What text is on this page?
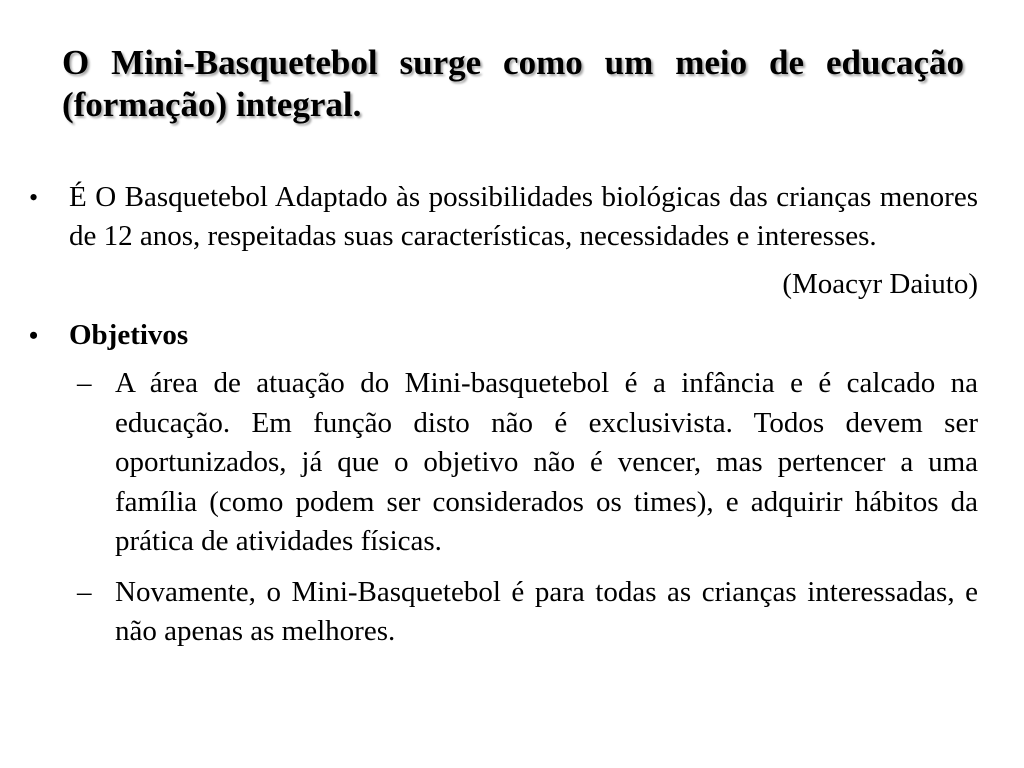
O Mini-Basquetebol surge como um meio de educação (formação) integral.
• É O Basquetebol Adaptado às possibilidades biológicas das crianças menores de 12 anos, respeitadas suas características, necessidades e interesses.
(Moacyr Daiuto)
• Objetivos
– A área de atuação do Mini-basquetebol é a infância e é calcado na educação. Em função disto não é exclusivista. Todos devem ser oportunizados, já que o objetivo não é vencer, mas pertencer a uma família (como podem ser considerados os times), e adquirir hábitos da prática de atividades físicas.
– Novamente, o Mini-Basquetebol é para todas as crianças interessadas, e não apenas as melhores.
